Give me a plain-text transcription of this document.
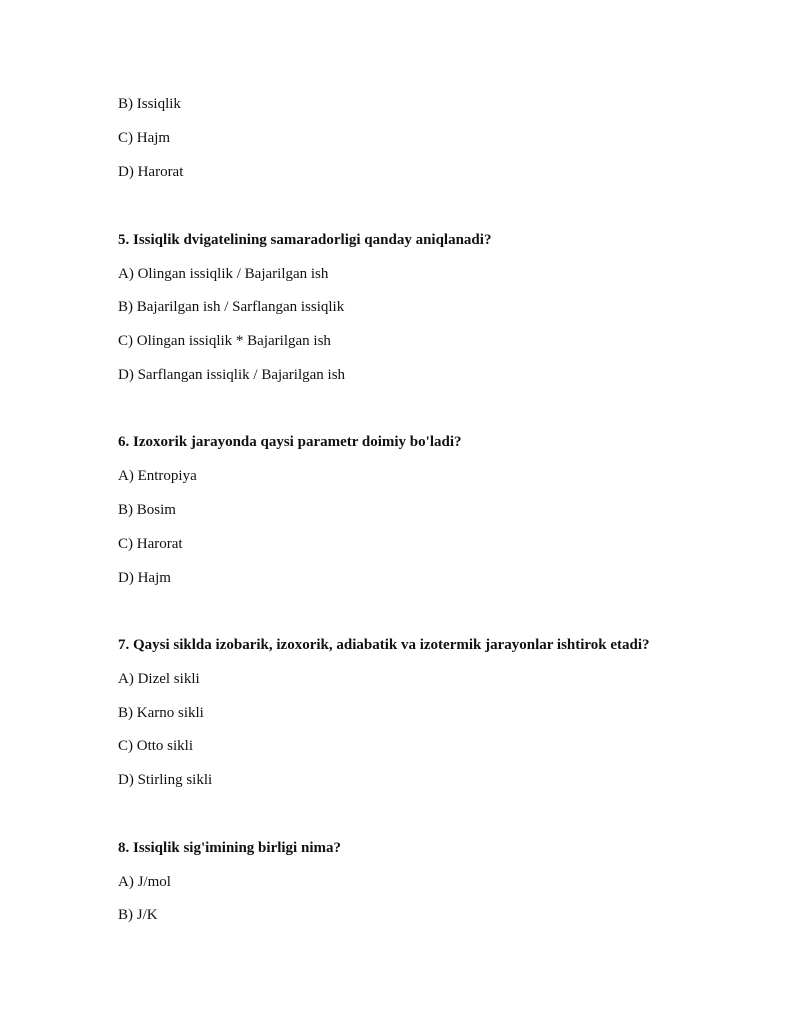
B) Issiqlik
C) Hajm
D) Harorat
5. Issiqlik dvigatelining samaradorligi qanday aniqlanadi?
A) Olingan issiqlik / Bajarilgan ish
B) Bajarilgan ish / Sarflangan issiqlik
C) Olingan issiqlik * Bajarilgan ish
D) Sarflangan issiqlik / Bajarilgan ish
6. Izoxorik jarayonda qaysi parametr doimiy bo'ladi?
A) Entropiya
B) Bosim
C) Harorat
D) Hajm
7. Qaysi siklda izobarik, izoxorik, adiabatik va izotermik jarayonlar ishtirok etadi?
A) Dizel sikli
B) Karno sikli
C) Otto sikli
D) Stirling sikli
8. Issiqlik sig'imining birligi nima?
A) J/mol
B) J/K
